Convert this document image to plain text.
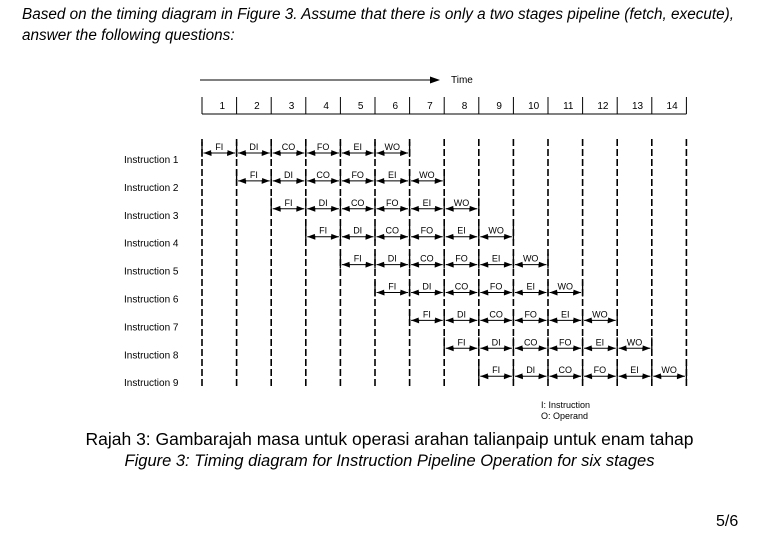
Based on the timing diagram in Figure 3. Assume that there is only a two stages pipeline (fetch, execute), answer the following questions:

Time
1	2	3	4	5	6	7	8	9	10 11 12 13 14
Instruction 1
FI	DI	CO FO	EI	WO
Instruction 2
FI	DI	CO FO	EI	WO
Instruction 3
FI	DI	CO FO	EI	WO
Instruction 4
FI	DI	CO FO	EI	WO
Instruction 5
FI	DI	CO FO	EI	WO
Instruction 6
FI	DI	CO FO	EI	WO
Instruction 7
FI	DI	CO FO	EI	WO
Instruction 8
FI	DI	CO FO	EI	WO
Instruction 9
FI	DI	CO FO	EI	WO
I: Instruction
O: Operand

Rajah 3: Gambarajah masa untuk operasi arahan talianpaip untuk enam tahap

Figure 3: Timing diagram for Instruction Pipeline Operation for six stages

5/6
